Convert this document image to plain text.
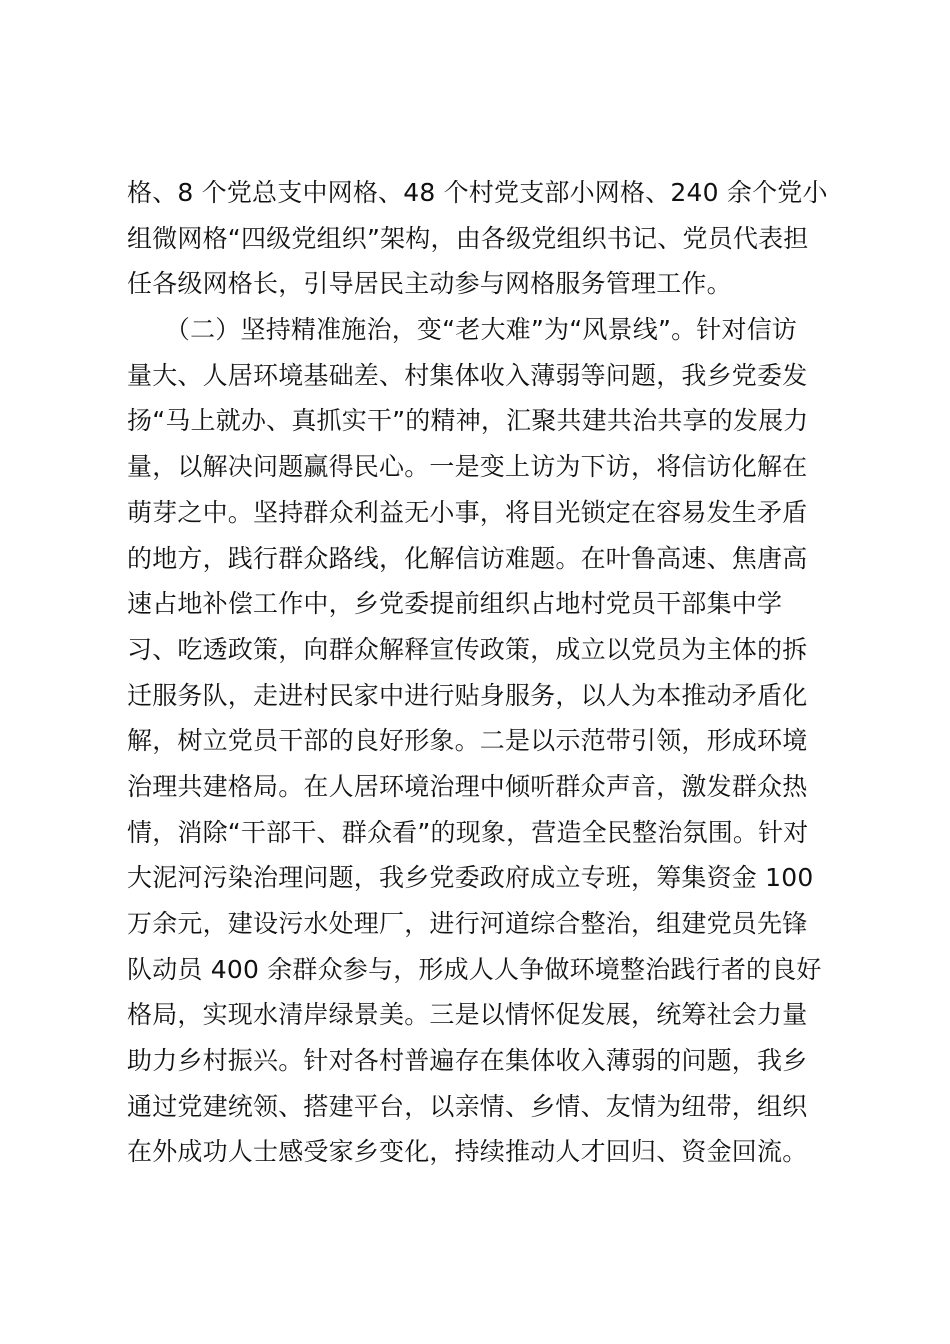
格、8 个党总支中网格、48 个村党支部小网格、240 余个党小
组微网格“四级党组织”架构，由各级党组织书记、党员代表担
任各级网格长，引导居民主动参与网格服务管理工作。
　　（二）坚持精准施治，变“老大难”为“风景线”。针对信访
量大、人居环境基础差、村集体收入薄弱等问题，我乡党委发
扬“马上就办、真抓实干”的精神，汇聚共建共治共享的发展力
量，以解决问题赢得民心。一是变上访为下访，将信访化解在
萌芽之中。坚持群众利益无小事，将目光锁定在容易发生矛盾
的地方，践行群众路线，化解信访难题。在叶鲁高速、焦唐高
速占地补偿工作中，乡党委提前组织占地村党员干部集中学
习、吃透政策，向群众解释宣传政策，成立以党员为主体的拆
迁服务队，走进村民家中进行贴身服务，以人为本推动矛盾化
解，树立党员干部的良好形象。二是以示范带引领，形成环境
治理共建格局。在人居环境治理中倾听群众声音，激发群众热
情，消除“干部干、群众看”的现象，营造全民整治氛围。针对
大泥河污染治理问题，我乡党委政府成立专班，筹集资金 100
万余元，建设污水处理厂，进行河道综合整治，组建党员先锋
队动员 400 余群众参与，形成人人争做环境整治践行者的良好
格局，实现水清岸绿景美。三是以情怀促发展，统筹社会力量
助力乡村振兴。针对各村普遍存在集体收入薄弱的问题，我乡
通过党建统领、搭建平台，以亲情、乡情、友情为纽带，组织
在外成功人士感受家乡变化，持续推动人才回归、资金回流。
